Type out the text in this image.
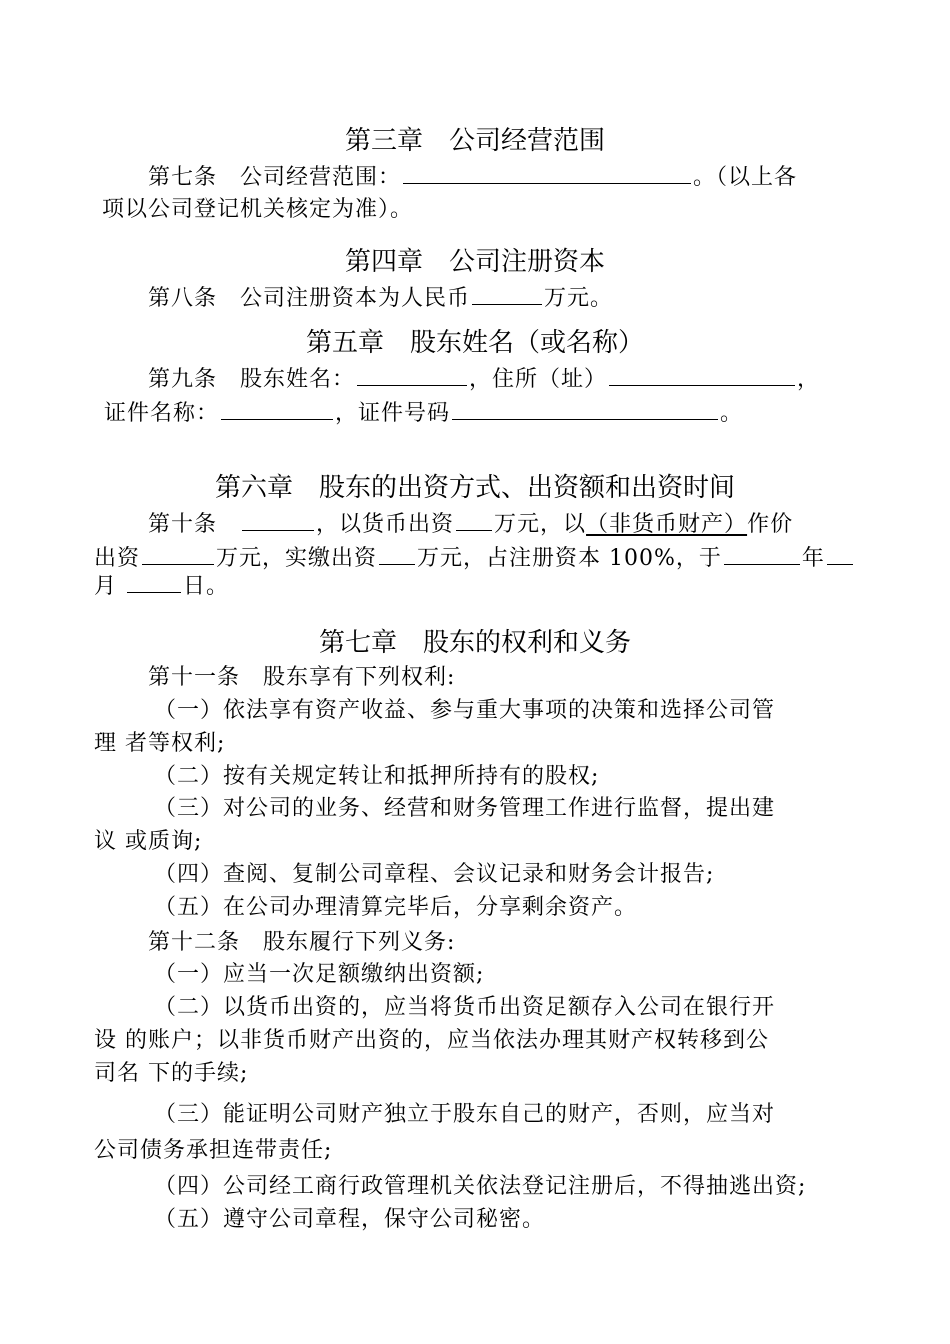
第三章　公司经营范围
第七条　公司经营范围：	。（以上各
项以公司登记机关核定为准）。
第四章　公司注册资本
第八条　公司注册资本为人民币	万元。
第五章　股东姓名（或名称）
第九条　股东姓名：	，住所（址）	，
证件名称：	，证件号码	。
第六章　股东的出资方式、出资额和出资时间
第十条　	，以货币出资 万元，以（非货币财产）作价
出资	万元，实缴出资 万元，占注册资本 100%，于	年
月	日。
第七章　股东的权利和义务
第十一条　股东享有下列权利:
（一）依法享有资产收益、参与重大事项的决策和选择公司管
理 者等权利;
（二）按有关规定转让和抵押所持有的股权;
（三）对公司的业务、经营和财务管理工作进行监督，提出建
议 或质询;
（四）查阅、复制公司章程、会议记录和财务会计报告;
（五）在公司办理清算完毕后，分享剩余资产。
第十二条　股东履行下列义务:
（一）应当一次足额缴纳出资额;
（二）以货币出资的，应当将货币出资足额存入公司在银行开
设 的账户；以非货币财产出资的，应当依法办理其财产权转移到公
司名 下的手续;
（三）能证明公司财产独立于股东自己的财产，否则，应当对
公司债务承担连带责任;
（四）公司经工商行政管理机关依法登记注册后，不得抽逃出资;
（五）遵守公司章程，保守公司秘密。
